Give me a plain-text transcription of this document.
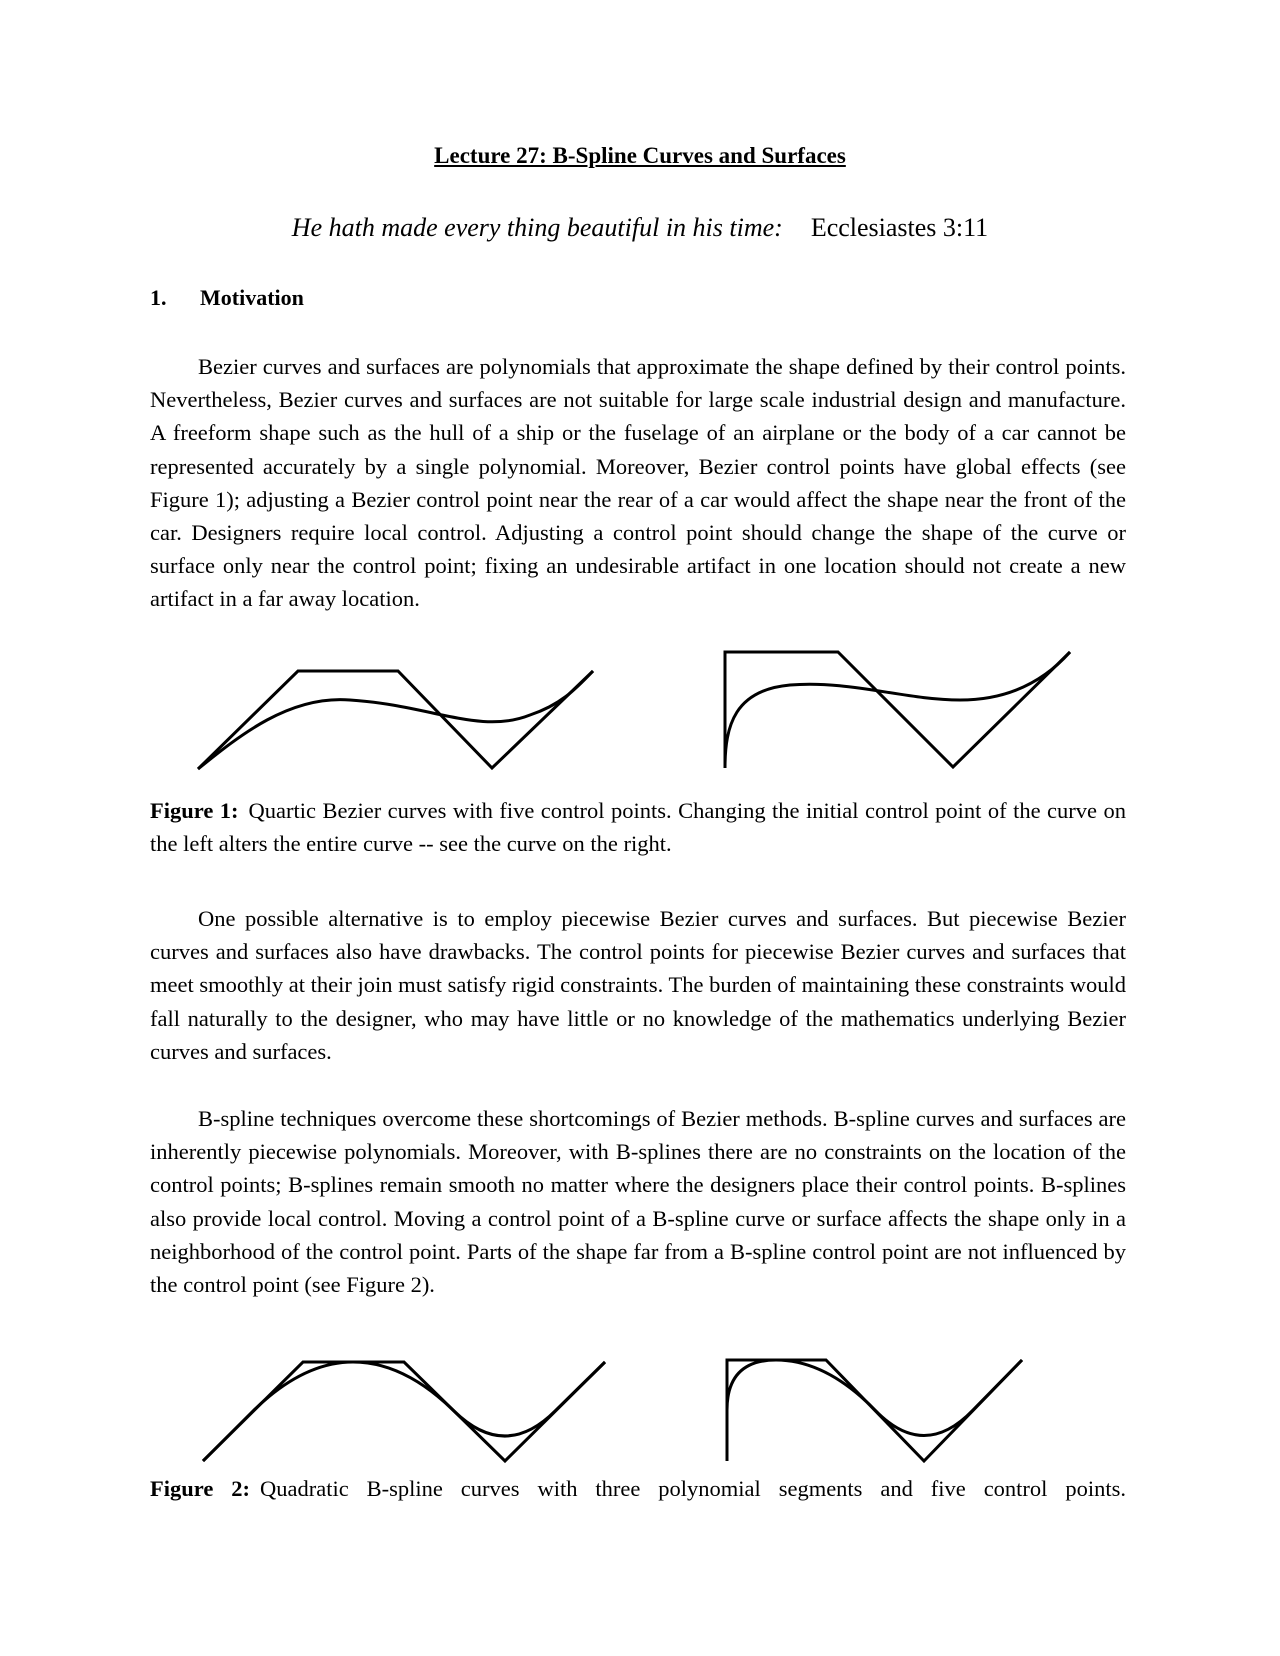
Lecture 27: B-Spline Curves and Surfaces
He hath made every thing beautiful in his time: Ecclesiastes 3:11
1. Motivation

Bezier curves and surfaces are polynomials that approximate the shape defined by their control points. Nevertheless, Bezier curves and surfaces are not suitable for large scale industrial design and manufacture. A freeform shape such as the hull of a ship or the fuselage of an airplane or the body of a car cannot be represented accurately by a single polynomial. Moreover, Bezier control points have global effects (see Figure 1); adjusting a Bezier control point near the rear of a car would affect the shape near the front of the car. Designers require local control. Adjusting a control point should change the shape of the curve or surface only near the control point; fixing an undesirable artifact in one location should not create a new artifact in a far away location.

Figure 1: Quartic Bezier curves with five control points. Changing the initial control point of the curve on the left alters the entire curve -- see the curve on the right.

One possible alternative is to employ piecewise Bezier curves and surfaces. But piecewise Bezier curves and surfaces also have drawbacks. The control points for piecewise Bezier curves and surfaces that meet smoothly at their join must satisfy rigid constraints. The burden of maintaining these constraints would fall naturally to the designer, who may have little or no knowledge of the mathematics underlying Bezier curves and surfaces.

B-spline techniques overcome these shortcomings of Bezier methods. B-spline curves and surfaces are inherently piecewise polynomials. Moreover, with B-splines there are no constraints on the location of the control points; B-splines remain smooth no matter where the designers place their control points. B-splines also provide local control. Moving a control point of a B-spline curve or surface affects the shape only in a neighborhood of the control point. Parts of the shape far from a B-spline control point are not influenced by the control point (see Figure 2).

Figure 2: Quadratic B-spline curves with three polynomial segments and five control points.
